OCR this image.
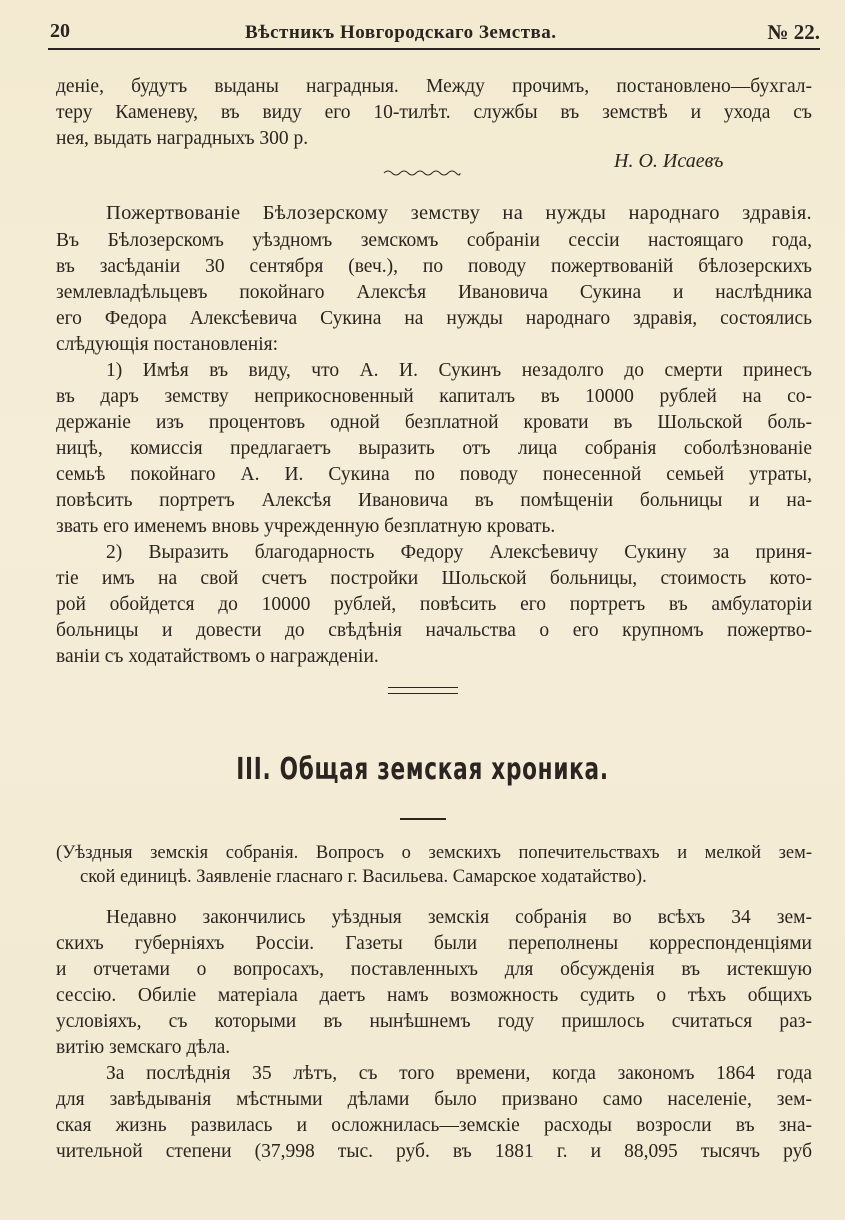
20	Вѣстникъ Новгородскаго Земства.	№ 22.
деніе, будутъ выданы наградныя. Между прочимъ, постановлено—бухгал-
теру Каменеву, въ виду его 10-тилѣт. службы въ земствѣ и ухода съ
нея, выдать наградныхъ 300 р.
Н. О. Исаевъ
Пожертвованіе Бѣлозерскому земству на нужды народнаго здравія.
Въ Бѣлозерскомъ уѣздномъ земскомъ собраніи сессіи настоящаго года,
въ засѣданіи 30 сентября (веч.), по поводу пожертвованій бѣлозерскихъ
землевладѣльцевъ покойнаго Алексѣя Ивановича Сукина и наслѣдника
его Федора Алексѣевича Сукина на нужды народнаго здравія, состоялись
слѣдующія постановленія:
1) Имѣя въ виду, что А. И. Сукинъ незадолго до смерти принесъ
въ даръ земству неприкосновенный капиталъ въ 10000 рублей на со-
держаніе изъ процентовъ одной безплатной кровати въ Шольской боль-
ницѣ, комиссія предлагаетъ выразить отъ лица собранія соболѣзнованіе
семьѣ покойнаго А. И. Сукина по поводу понесенной семьей утраты,
повѣсить портретъ Алексѣя Ивановича въ помѣщеніи больницы и на-
звать его именемъ вновь учрежденную безплатную кровать.
2) Выразить благодарность Федору Алексѣевичу Сукину за приня-
тіе имъ на свой счетъ постройки Шольской больницы, стоимость кото-
рой обойдется до 10000 рублей, повѣсить его портретъ въ амбулаторіи
больницы и довести до свѣдѣнія начальства о его крупномъ пожертво-
ваніи съ ходатайствомъ о награжденіи.
III. Общая земская хроника.
(Уѣздныя земскія собранія. Вопросъ о земскихъ попечительствахъ и мелкой зем-
ской единицѣ. Заявленіе гласнаго г. Васильева. Самарское ходатайство).
Недавно закончились уѣздныя земскія собранія во всѣхъ 34 зем-
скихъ губерніяхъ Россіи. Газеты были переполнены корреспонденціями
и отчетами о вопросахъ, поставленныхъ для обсужденія въ истекшую
сессію. Обиліе матеріала даетъ намъ возможность судить о тѣхъ общихъ
условіяхъ, съ которыми въ нынѣшнемъ году пришлось считаться раз-
витію земскаго дѣла.
За послѣднія 35 лѣтъ, съ того времени, когда закономъ 1864 года
для завѣдыванія мѣстными дѣлами было призвано само населеніе, зем-
ская жизнь развилась и осложнилась—земскіе расходы возросли въ зна-
чительной степени (37,998 тыс. руб. въ 1881 г. и 88,095 тысячъ руб
